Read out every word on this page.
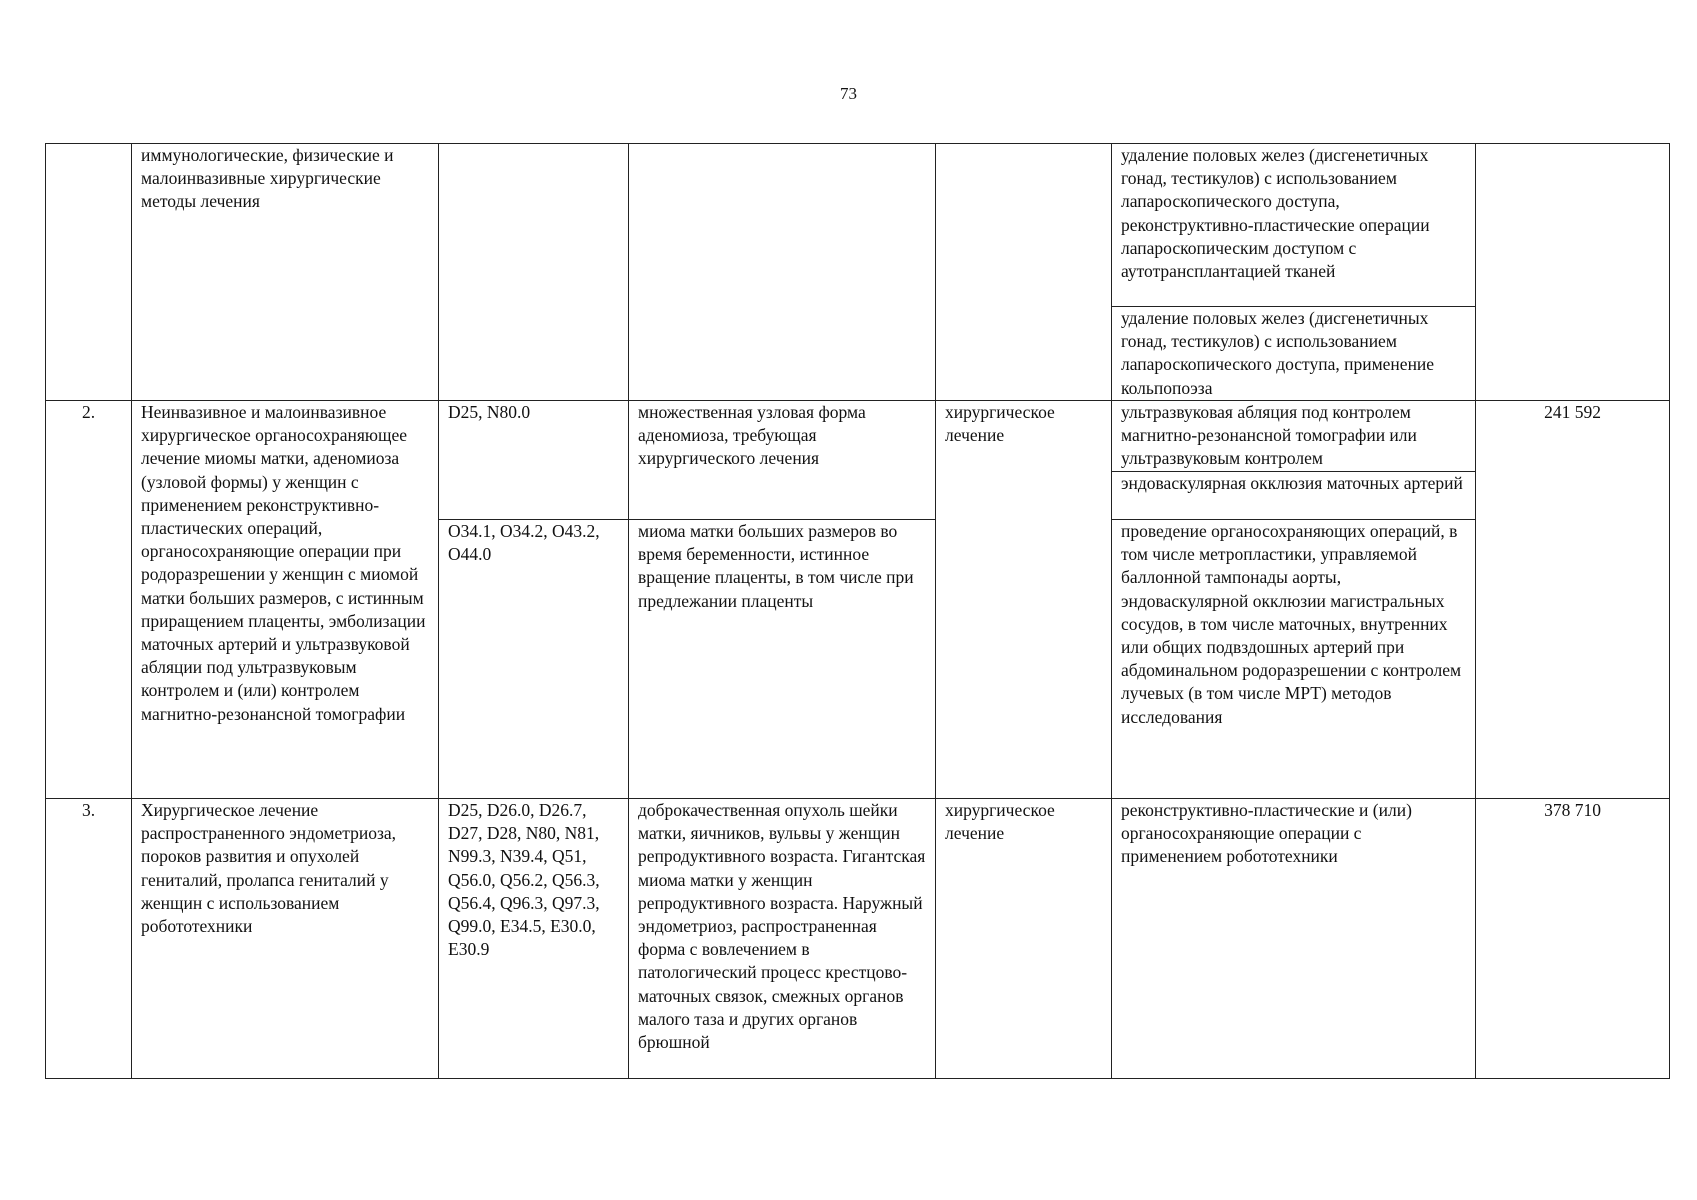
73
	иммунологические, физические и малоинвазивные хирургические методы лечения				удаление половых желез (дисгенетичных гонад, тестикулов) с использованием лапароскопического доступа, реконструктивно-пластические операции лапароскопическим доступом с аутотрансплантацией тканей	
					удаление половых желез (дисгенетичных гонад, тестикулов) с использованием лапароскопического доступа, применение кольпопоэза	
2.	Неинвазивное и малоинвазивное хирургическое органосохраняющее лечение миомы матки, аденомиоза (узловой формы) у женщин с применением реконструктивно-пластических операций, органосохраняющие операции при родоразрешении у женщин с миомой матки больших размеров, с истинным приращением плаценты, эмболизации маточных артерий и ультразвуковой абляции под ультразвуковым контролем и (или) контролем магнитно-резонансной томографии	D25, N80.0	множественная узловая форма аденомиоза, требующая хирургического лечения	хирургическое лечение	ультразвуковая абляция под контролем магнитно-резонансной томографии или ультразвуковым контролем	241 592
					эндоваскулярная окклюзия маточных артерий	
		O34.1, O34.2, O43.2, O44.0	миома матки больших размеров во время беременности, истинное вращение плаценты, в том числе при предлежании плаценты		проведение органосохраняющих операций, в том числе метропластики, управляемой баллонной тампонады аорты, эндоваскулярной окклюзии магистральных сосудов, в том числе маточных, внутренних или общих подвздошных артерий при абдоминальном родоразрешении с контролем лучевых (в том числе МРТ) методов исследования	
3.	Хирургическое лечение распространенного эндометриоза, пороков развития и опухолей гениталий, пролапса гениталий у женщин с использованием робототехники	D25, D26.0, D26.7, D27, D28, N80, N81, N99.3, N39.4, Q51, Q56.0, Q56.2, Q56.3, Q56.4, Q96.3, Q97.3, Q99.0, E34.5, E30.0, E30.9	доброкачественная опухоль шейки матки, яичников, вульвы у женщин репродуктивного возраста. Гигантская миома матки у женщин репродуктивного возраста. Наружный эндометриоз, распространенная форма с вовлечением в патологический процесс крестцово-маточных связок, смежных органов малого таза и других органов брюшной	хирургическое лечение	реконструктивно-пластические и (или) органосохраняющие операции с применением робототехники	378 710
